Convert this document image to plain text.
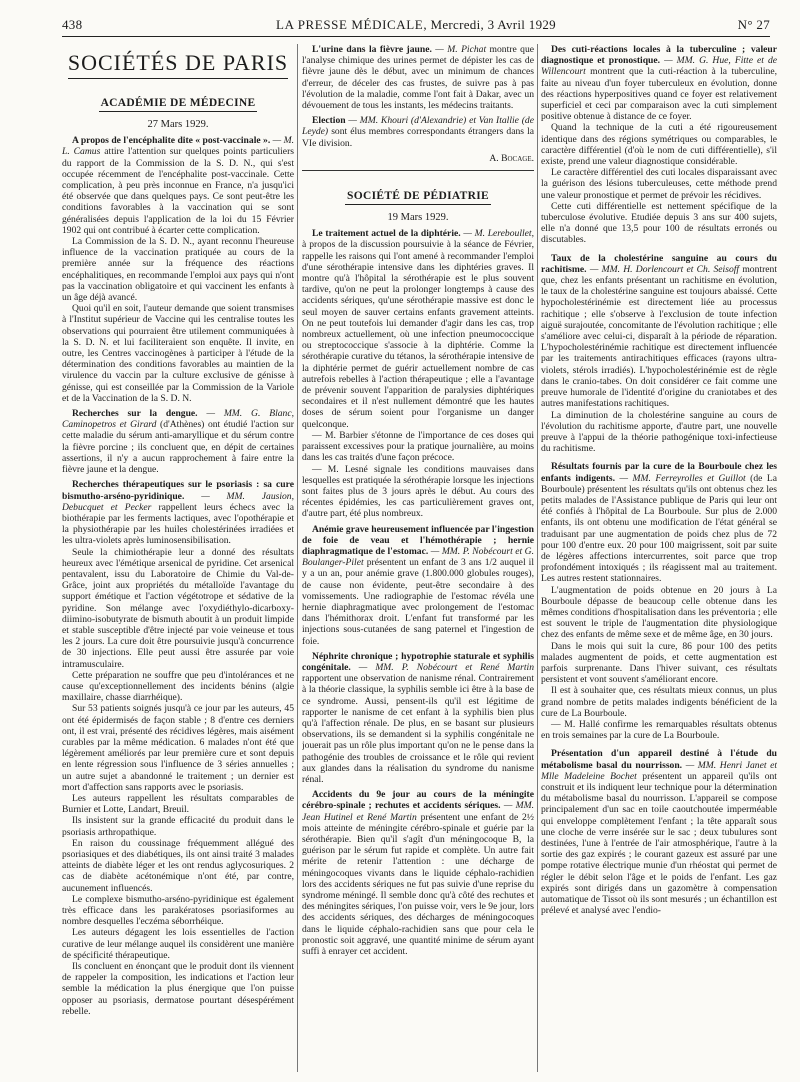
438	LA PRESSE MÉDICALE, Mercredi, 3 Avril 1929	N° 27
SOCIÉTÉS DE PARIS
ACADÉMIE DE MÉDECINE
27 Mars 1929.

A propos de l'encéphalite dite « post-vaccinale ». — M. L. Camus attire l'attention sur quelques points particuliers du rapport de la Commission de la S. D. N., qui s'est occupée récemment de l'encéphalite post-vaccinale. Cette complication, à peu près inconnue en France, n'a jusqu'ici été observée que dans quelques pays. Ce sont peut-être les conditions favorables à la vaccination qui se sont généralisées depuis l'application de la loi du 15 Février 1902 qui ont contribué à écarter cette complication.

La Commission de la S. D. N., ayant reconnu l'heureuse influence de la vaccination pratiquée au cours de la première année sur la fréquence des réactions encéphalitiques, en recommande l'emploi aux pays qui n'ont pas la vaccination obligatoire et qui vaccinent les enfants à un âge déjà avancé.

Quoi qu'il en soit, l'auteur demande que soient transmises à l'Institut supérieur de Vaccine qui les centralise toutes les observations qui pourraient être utilement communiquées à la S. D. N. et lui faciliteraient son enquête. Il invite, en outre, les Centres vaccinogènes à participer à l'étude de la détermination des conditions favorables au maintien de la virulence du vaccin par la culture exclusive de génisse à génisse, qui est conseillée par la Commission de la Variole et de la Vaccination de la S. D. N.

Recherches sur la dengue. — MM. G. Blanc, Caminopetros et Girard (d'Athènes) ont étudié l'action sur cette maladie du sérum anti-amaryllique et du sérum contre la fièvre porcine ; ils concluent que, en dépit de certaines assertions, il n'y a aucun rapprochement à faire entre la fièvre jaune et la dengue.

Recherches thérapeutiques sur le psoriasis : sa cure bismutho-arséno-pyridinique. — MM. Jausion, Debucquet et Pecker rappellent leurs échecs avec la biothérapie par les ferments lactiques, avec l'opothérapie et la physiothérapie par les huiles cholestérinées irradiées et les ultra-violets après luminosensibilisation.

Seule la chimiothérapie leur a donné des résultats heureux avec l'émétique arsenical de pyridine. Cet arsenical pentavalent, issu du Laboratoire de Chimie du Val-de-Grâce, joint aux propriétés du métalloïde l'avantage du support émétique et l'action végétotrope et sédative de la pyridine. Son mélange avec l'oxydiéthylo-dicarboxy-diimino-isobutyrate de bismuth aboutit à un produit limpide et stable susceptible d'être injecté par voie veineuse et tous les 2 jours. La cure doit être poursuivie jusqu'à concurrence de 30 injections. Elle peut aussi être assurée par voie intramusculaire.

Cette préparation ne souffre que peu d'intolérances et ne cause qu'exceptionnellement des incidents bénins (algie maxillaire, chasse diarrhéique).

Sur 53 patients soignés jusqu'à ce jour par les auteurs, 45 ont été épidermisés de façon stable ; 8 d'entre ces derniers ont, il est vrai, présenté des récidives légères, mais aisément curables par la même médication. 6 malades n'ont été que légèrement améliorés par leur première cure et sont depuis en lente régression sous l'influence de 3 séries annuelles ; un autre sujet a abandonné le traitement ; un dernier est mort d'affection sans rapports avec le psoriasis.

Les auteurs rappellent les résultats comparables de Burnier et Lotte, Landart, Breuil.

Ils insistent sur la grande efficacité du produit dans le psoriasis arthropathique.

En raison du coussinage fréquemment allégué des psoriasiques et des diabétiques, ils ont ainsi traité 3 malades atteints de diabète léger et les ont rendus aglycosuriques. 2 cas de diabète acétonémique n'ont été, par contre, aucunement influencés.

Le complexe bismutho-arséno-pyridinique est également très efficace dans les parakératoses psoriasiformes au nombre desquelles l'eczéma séborrhéique.

Les auteurs dégagent les lois essentielles de l'action curative de leur mélange auquel ils considèrent une manière de spécificité thérapeutique.

Ils concluent en énonçant que le produit dont ils viennent de rappeler la composition, les indications et l'action leur semble la médication la plus énergique que l'on puisse opposer au psoriasis, dermatose pourtant désespérément rebelle.

L'urine dans la fièvre jaune. — M. Pichat montre que l'analyse chimique des urines permet de dépister les cas de fièvre jaune dès le début, avec un minimum de chances d'erreur, de déceler des cas frustes, de suivre pas à pas l'évolution de la maladie, comme l'ont fait à Dakar, avec un dévouement de tous les instants, les médecins traitants.

Election — MM. Khouri (d'Alexandrie) et Van Itallie (de Leyde) sont élus membres correspondants étrangers dans la VIe division.

A. Bocage.
SOCIÉTÉ DE PÉDIATRIE
19 Mars 1929.

Le traitement actuel de la diphtérie. — M. Lereboullet, à propos de la discussion poursuivie à la séance de Février, rappelle les raisons qui l'ont amené à recommander l'emploi d'une sérothérapie intensive dans les diphtéries graves. Il montre qu'à l'hôpital la sérothérapie est le plus souvent tardive, qu'on ne peut la prolonger longtemps à cause des accidents sériques, qu'une sérothérapie massive est donc le seul moyen de sauver certains enfants gravement atteints. On ne peut toutefois lui demander d'agir dans les cas, trop nombreux actuellement, où une infection pneumococcique ou streptococcique s'associe à la diphtérie. Comme la sérothérapie curative du tétanos, la sérothérapie intensive de la diphtérie permet de guérir actuellement nombre de cas autrefois rebelles à l'action thérapeutique ; elle a l'avantage de prévenir souvent l'apparition de paralysies diphtériques secondaires et il n'est nullement démontré que les hautes doses de sérum soient pour l'organisme un danger quelconque.

— M. Barbier s'étonne de l'importance de ces doses qui paraissent excessives pour la pratique journalière, au moins dans les cas traités d'une façon précoce.

— M. Lesné signale les conditions mauvaises dans lesquelles est pratiquée la sérothérapie lorsque les injections sont faites plus de 3 jours après le début. Au cours des récentes épidémies, les cas particulièrement graves ont, d'autre part, été plus nombreux.

Anémie grave heureusement influencée par l'ingestion de foie de veau et l'hémothérapie ; hernie diaphragmatique de l'estomac. — MM. P. Nobécourt et G. Boulanger-Pilet présentent un enfant de 3 ans 1/2 auquel il y a un an, pour anémie grave (1.800.000 globules rouges), de cause non évidente, peut-être secondaire à des vomissements. Une radiographie de l'estomac révéla une hernie diaphragmatique avec prolongement de l'estomac dans l'hémithorax droit. L'enfant fut transformé par les injections sous-cutanées de sang paternel et l'ingestion de foie.

Néphrite chronique ; hypotrophie staturale et syphilis congénitale. — MM. P. Nobécourt et René Martin rapportent une observation de nanisme rénal. Contrairement à la théorie classique, la syphilis semble ici être à la base de ce syndrome. Aussi, pensent-ils qu'il est légitime de rapporter le nanisme de cet enfant à la syphilis bien plus qu'à l'affection rénale. De plus, en se basant sur plusieurs observations, ils se demandent si la syphilis congénitale ne jouerait pas un rôle plus important qu'on ne le pense dans la pathogénie des troubles de croissance et le rôle qui revient aux glandes dans la réalisation du syndrome du nanisme rénal.

Accidents du 9e jour au cours de la méningite cérébro-spinale ; rechutes et accidents sériques. — MM. Jean Hutinel et René Martin présentent une enfant de 2½ mois atteinte de méningite cérébro-spinale et guérie par la sérothérapie. Bien qu'il s'agît d'un méningocoque B, la guérison par le sérum fut rapide et complète. Un autre fait mérite de retenir l'attention : une décharge de méningocoques vivants dans le liquide céphalo-rachidien lors des accidents sériques ne fut pas suivie d'une reprise du syndrome méningé. Il semble donc qu'à côté des rechutes et des méningites sériques, l'on puisse voir, vers le 9e jour, lors des accidents sériques, des décharges de méningocoques dans le liquide céphalo-rachidien sans que pour cela le pronostic soit aggravé, une quantité minime de sérum ayant suffi à enrayer cet accident.

Des cuti-réactions locales à la tuberculine ; valeur diagnostique et pronostique. — MM. G. Hue, Fitte et de Willencourt montrent que la cuti-réaction à la tuberculine, faite au niveau d'un foyer tuberculeux en évolution, donne des réactions hyperpositives quand ce foyer est relativement superficiel et ceci par comparaison avec la cuti simplement positive obtenue à distance de ce foyer.

Quand la technique de la cuti a été rigoureusement identique dans des régions symétriques ou comparables, le caractère différentiel (d'où le nom de cuti différentielle), s'il existe, prend une valeur diagnostique considérable.

Le caractère différentiel des cuti locales disparaissant avec la guérison des lésions tuberculeuses, cette méthode prend une valeur pronostique et permet de prévoir les récidives.

Cette cuti différentielle est nettement spécifique de la tuberculose évolutive. Etudiée depuis 3 ans sur 400 sujets, elle n'a donné que 13,5 pour 100 de résultats erronés ou discutables.

Taux de la cholestérine sanguine au cours du rachitisme. — MM. H. Dorlencourt et Ch. Seisoff montrent que, chez les enfants présentant un rachitisme en évolution, le taux de la cholestérine sanguine est toujours abaissé. Cette hypocholestérinémie est directement liée au processus rachitique ; elle s'observe à l'exclusion de toute infection aiguë surajoutée, concomitante de l'évolution rachitique ; elle s'améliore avec celui-ci, disparaît à la période de réparation. L'hypocholestérinémie rachitique est directement influencée par les traitements antirachitiques efficaces (rayons ultra-violets, stérols irradiés). L'hypocholestérinémie est de règle dans le cranio-tabes. On doit considérer ce fait comme une preuve humorale de l'identité d'origine du craniotabes et des autres manifestations rachitiques.

La diminution de la cholestérine sanguine au cours de l'évolution du rachitisme apporte, d'autre part, une nouvelle preuve à l'appui de la théorie pathogénique toxi-infectieuse du rachitisme.

Résultats fournis par la cure de la Bourboule chez les enfants indigents. — MM. Ferreyrolles et Guillot (de La Bourboule) présentent les résultats qu'ils ont obtenus chez les petits malades de l'Assistance publique de Paris qui leur ont été confiés à l'hôpital de La Bourboule. Sur plus de 2.000 enfants, ils ont obtenu une modification de l'état général se traduisant par une augmentation de poids chez plus de 72 pour 100 d'entre eux. 20 pour 100 maigrissent, soit par suite de légères affections intercurrentes, soit parce que trop profondément intoxiqués ; ils réagissent mal au traitement. Les autres restent stationnaires.

L'augmentation de poids obtenue en 20 jours à La Bourboule dépasse de beaucoup celle obtenue dans les mêmes conditions d'hospitalisation dans les préventoria ; elle est souvent le triple de l'augmentation dite physiologique chez des enfants de même sexe et de même âge, en 30 jours.

Dans le mois qui suit la cure, 86 pour 100 des petits malades augmentent de poids, et cette augmentation est parfois surprenante. Dans l'hiver suivant, ces résultats persistent et vont souvent s'améliorant encore.

Il est à souhaiter que, ces résultats mieux connus, un plus grand nombre de petits malades indigents bénéficient de la cure de La Bourboule.

— M. Hallé confirme les remarquables résultats obtenus en trois semaines par la cure de La Bourboule.

Présentation d'un appareil destiné à l'étude du métabolisme basal du nourrisson. — MM. Henri Janet et Mlle Madeleine Bochet présentent un appareil qu'ils ont construit et ils indiquent leur technique pour la détermination du métabolisme basal du nourrisson. L'appareil se compose principalement d'un sac en toile caoutchoutée imperméable qui enveloppe complètement l'enfant ; la tête apparaît sous une cloche de verre insérée sur le sac ; deux tubulures sont destinées, l'une à l'entrée de l'air atmosphérique, l'autre à la sortie des gaz expirés ; le courant gazeux est assuré par une pompe rotative électrique munie d'un rhéostat qui permet de régler le débit selon l'âge et le poids de l'enfant. Les gaz expirés sont dirigés dans un gazomètre à compensation automatique de Tissot où ils sont mesurés ; un échantillon est prélevé et analysé avec l'endio-
